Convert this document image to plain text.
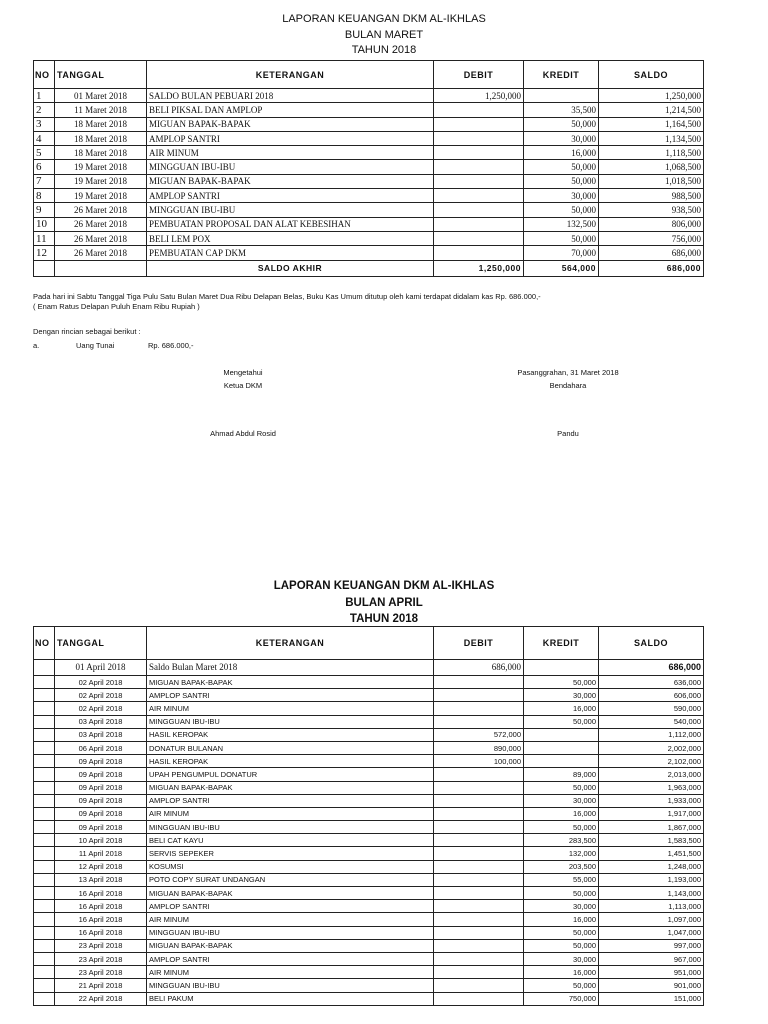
LAPORAN KEUANGAN DKM AL-IKHLAS
BULAN MARET
TAHUN 2018
NO	TANGGAL	KETERANGAN	DEBIT	KREDIT	SALDO
1	01 Maret 2018	SALDO BULAN PEBUARI 2018	1,250,000		1,250,000
2	11 Maret 2018	BELI PIKSAL DAN AMPLOP		35,500	1,214,500
3	18 Maret 2018	MIGUAN BAPAK-BAPAK		50,000	1,164,500
4	18 Maret 2018	AMPLOP SANTRI		30,000	1,134,500
5	18 Maret 2018	AIR MINUM		16,000	1,118,500
6	19 Maret 2018	MINGGUAN IBU-IBU		50,000	1,068,500
7	19 Maret 2018	MIGUAN BAPAK-BAPAK		50,000	1,018,500
8	19 Maret 2018	AMPLOP SANTRI		30,000	988,500
9	26 Maret 2018	MINGGUAN IBU-IBU		50,000	938,500
10	26 Maret 2018	PEMBUATAN PROPOSAL DAN ALAT KEBESIHAN		132,500	806,000
11	26 Maret 2018	BELI LEM POX		50,000	756,000
12	26 Maret 2018	PEMBUATAN CAP DKM		70,000	686,000
		SALDO AKHIR	1,250,000	564,000	686,000
Pada hari ini Sabtu Tanggal Tiga Pulu Satu Bulan Maret Dua Ribu Delapan Belas, Buku Kas Umum ditutup oleh kami terdapat didalam kas Rp. 686.000,-
( Enam Ratus Delapan Puluh Enam Ribu Rupiah )
Dengan rincian sebagai berikut :
a.	Uang Tunai	Rp. 686.000,-
Mengetahui
Ketua DKM
Ahmad Abdul Rosid
Pasanggrahan, 31 Maret 2018
Bendahara
Pandu
LAPORAN KEUANGAN DKM AL-IKHLAS
BULAN APRIL
TAHUN 2018
NO	TANGGAL	KETERANGAN	DEBIT	KREDIT	SALDO
	01 April 2018	Saldo Bulan Maret 2018	686,000		686,000
	02 April 2018	MIGUAN BAPAK-BAPAK		50,000	636,000
	02 April 2018	AMPLOP SANTRI		30,000	606,000
	02 April 2018	AIR MINUM		16,000	590,000
	03 April 2018	MINGGUAN IBU-IBU		50,000	540,000
	03 April 2018	HASIL KEROPAK	572,000		1,112,000
	06 April 2018	DONATUR BULANAN	890,000		2,002,000
	09 April 2018	HASIL KEROPAK	100,000		2,102,000
	09 April 2018	UPAH PENGUMPUL DONATUR		89,000	2,013,000
	09 April 2018	MIGUAN BAPAK-BAPAK		50,000	1,963,000
	09 April 2018	AMPLOP SANTRI		30,000	1,933,000
	09 April 2018	AIR MINUM		16,000	1,917,000
	09 April 2018	MINGGUAN IBU-IBU		50,000	1,867,000
	10 April 2018	BELI CAT KAYU		283,500	1,583,500
	11 April 2018	SERVIS SEPEKER		132,000	1,451,500
	12 April 2018	KOSUMSI		203,500	1,248,000
	13 April 2018	POTO COPY SURAT UNDANGAN		55,000	1,193,000
	16 April 2018	MIGUAN BAPAK-BAPAK		50,000	1,143,000
	16 April 2018	AMPLOP SANTRI		30,000	1,113,000
	16 April 2018	AIR MINUM		16,000	1,097,000
	16 April 2018	MINGGUAN IBU-IBU		50,000	1,047,000
	23 April 2018	MIGUAN BAPAK-BAPAK		50,000	997,000
	23 April 2018	AMPLOP SANTRI		30,000	967,000
	23 April 2018	AIR MINUM		16,000	951,000
	21 April 2018	MINGGUAN IBU-IBU		50,000	901,000
	22 April 2018	BELI PAKUM		750,000	151,000
